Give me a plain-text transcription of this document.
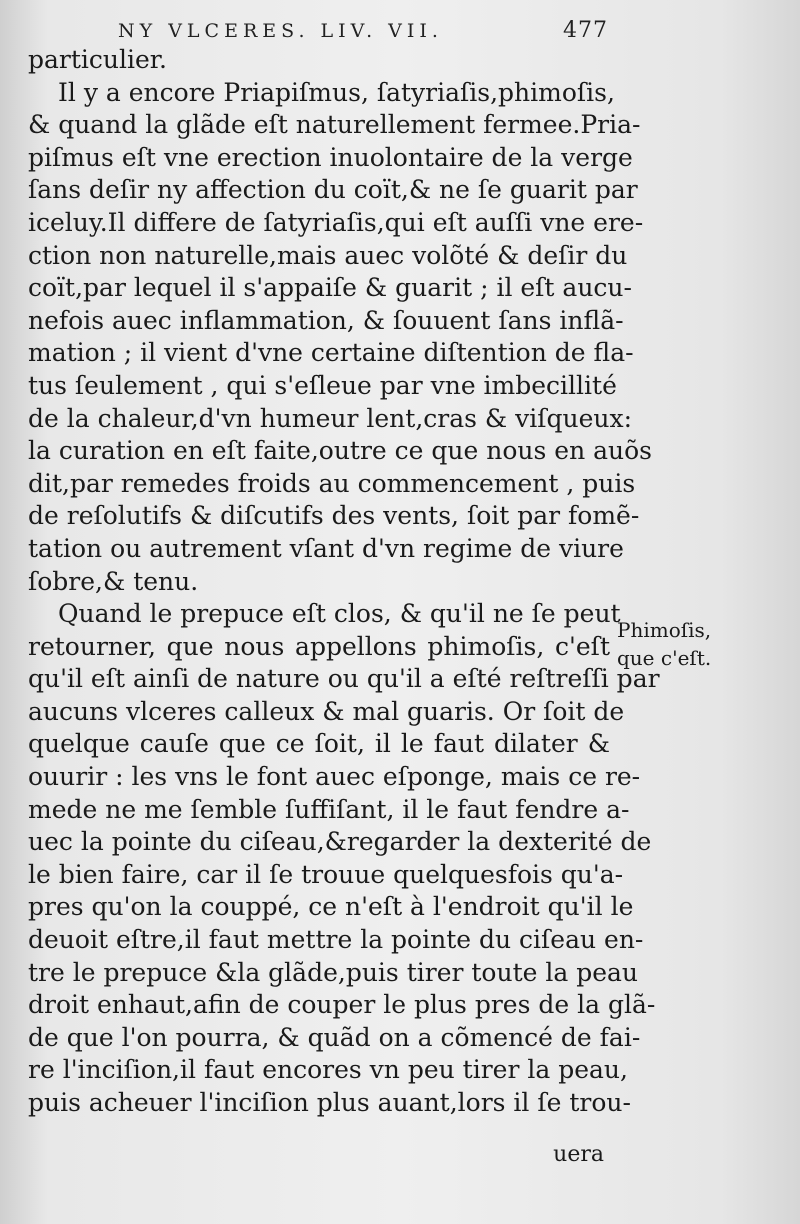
NY VLCERES. LIV. VII.	477
particulier.
Il y a encore Priapiſmus, ſatyriaſis,phimoſis,
& quand la glãde eſt naturellement fermee.Pria-
piſmus eſt vne erection inuolontaire de la verge
ſans deſir ny affection du coït,& ne ſe guarit par
iceluy.Il differe de ſatyriaſis,qui eſt auſſi vne ere-
ction non naturelle,mais auec volõté & deſir du
coït,par lequel il s'appaiſe & guarit ; il eſt aucu-
nefois auec inflammation, & ſouuent ſans inflã-
mation ; il vient d'vne certaine diſtention de fla-
tus ſeulement , qui s'eſleue par vne imbecillité
de la chaleur,d'vn humeur lent,cras & viſqueux:
la curation en eſt faite,outre ce que nous en auõs
dit,par remedes froids au commencement , puis
de reſolutifs & diſcutifs des vents, ſoit par fomẽ-
tation ou autrement vſant d'vn regime de viure
ſobre,& tenu.
Quand le prepuce eſt clos, & qu'il ne ſe peut
retourner, que nous appellons phimoſis, c'eſt
qu'il eſt ainſi de nature ou qu'il a eſté reſtreſſi par
aucuns vlceres calleux & mal guaris. Or ſoit de
quelque cauſe que ce ſoit, il le faut dilater &
ouurir : les vns le font auec eſponge, mais ce re-
mede ne me ſemble ſuffiſant, il le faut fendre a-
uec la pointe du ciſeau,&regarder la dexterité de
le bien faire, car il ſe trouue quelquesfois qu'a-
pres qu'on la couppé, ce n'eſt à l'endroit qu'il le
deuoit eſtre,il faut mettre la pointe du ciſeau en-
tre le prepuce &la glãde,puis tirer toute la peau
droit enhaut,afin de couper le plus pres de la glã-
de que l'on pourra, & quãd on a cõmencé de fai-
re l'inciſion,il faut encores vn peu tirer la peau,
puis acheuer l'inciſion plus auant,lors il ſe trou-
Phimoſis,
que c'eſt.
uera
